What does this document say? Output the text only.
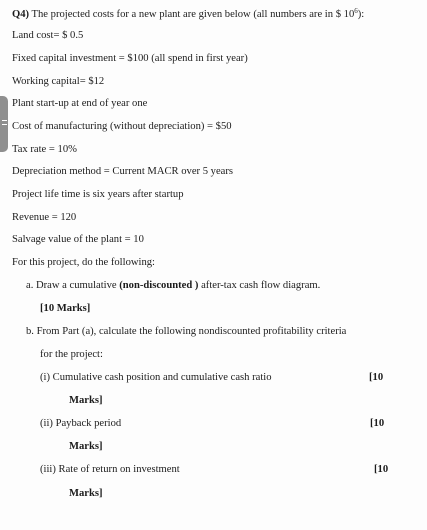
Q4) The projected costs for a new plant are given below (all numbers are in $ $10^6$):
Land cost= $ 0.5
Fixed capital investment = $100 (all spend in first year)
Working capital= $12
Plant start-up at end of year one
Cost of manufacturing (without depreciation) = $50
Tax rate = 10%
Depreciation method = Current MACR over 5 years
Project life time is six years after startup
Revenue = 120
Salvage value of the plant = 10
For this project, do the following:
a. Draw a cumulative (non-discounted ) after-tax cash flow diagram.
[10 Marks]
b. From Part (a), calculate the following nondiscounted profitability criteria
for the project:
(i) Cumulative cash position and cumulative cash ratio	[10
Marks]
(ii) Payback period	[10
Marks]
(iii) Rate of return on investment	[10
Marks]
